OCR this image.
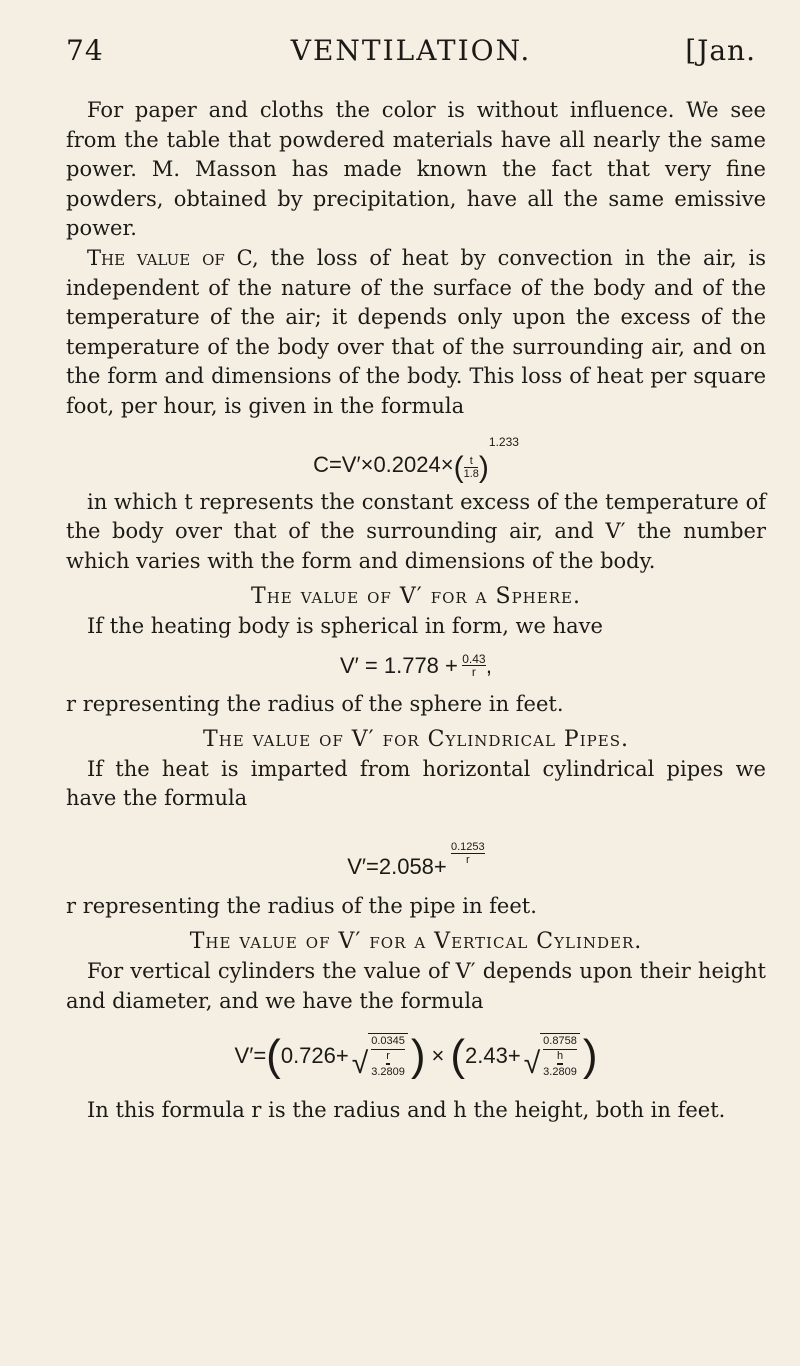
74	VENTILATION.	[Jan.

For paper and cloths the color is without influence. We see from the table that powdered materials have all nearly the same power. M. Masson has made known the fact that very fine powders, obtained by precipitation, have all the same emissive power.

The value of C, the loss of heat by convection in the air, is independent of the nature of the surface of the body and of the temperature of the air; it depends only upon the excess of the temperature of the body over that of the surrounding air, and on the form and dimensions of the body. This loss of heat per square foot, per hour, is given in the formula

C=V′×0.2024× ( $\frac{t}{1.8}$ )
1.233

in which t represents the constant excess of the temperature of the body over that of the surrounding air, and V′ the number which varies with the form and dimensions of the body.

The value of V′ for a Sphere.

If the heating body is spherical in form, we have

$V' = 1.778 + \frac{0.43}{r}$ ,

r representing the radius of the sphere in feet.

The value of V′ for Cylindrical Pipes.

If the heat is imparted from horizontal cylindrical pipes we have the formula

V′=2.058+
$\frac{0.1253}{r}$

r representing the radius of the pipe in feet.

The value of V′ for a Vertical Cylinder.

For vertical cylinders the value of V′ depends upon their height and diameter, and we have the formula

V′= ( 0.726+ √
0.0345
r
3.2809 ) × ( 2.43+ √
0.8758
h
3.2809 )

In this formula r is the radius and h the height, both in feet.
